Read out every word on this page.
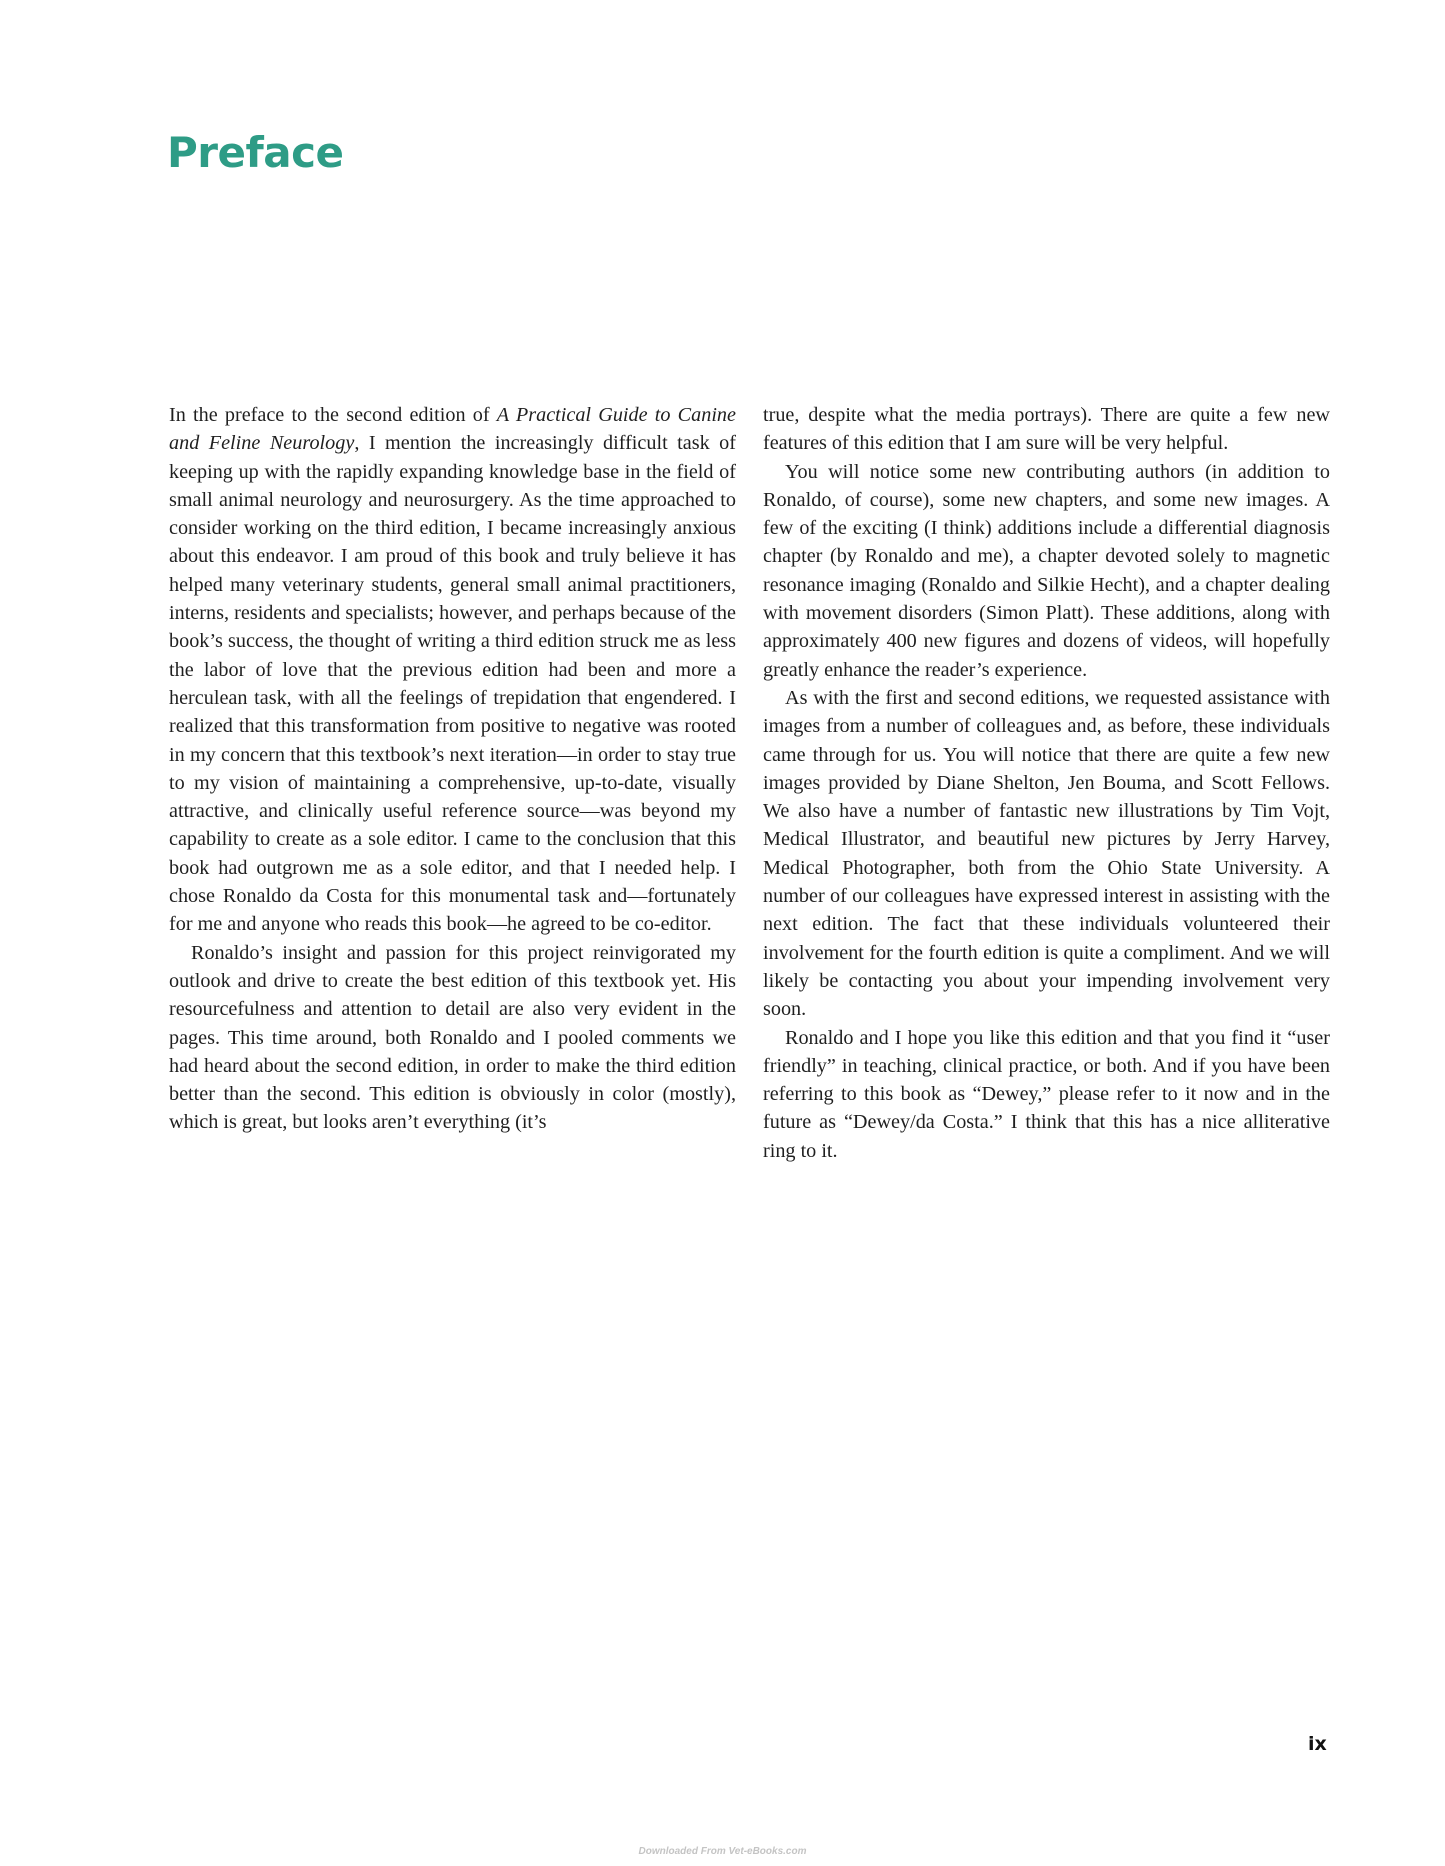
Preface

In the preface to the second edition of A Practical Guide to Canine and Feline Neurology, I mention the increasingly difficult task of keeping up with the rapidly expanding knowledge base in the field of small animal neurology and neurosurgery. As the time approached to consider working on the third edition, I became increasingly anxious about this endeavor. I am proud of this book and truly believe it has helped many veterinary students, general small animal practitioners, interns, residents and specialists; however, and perhaps because of the book’s success, the thought of writing a third edition struck me as less the labor of love that the previous edition had been and more a herculean task, with all the feelings of trepidation that engendered. I realized that this transformation from positive to negative was rooted in my concern that this textbook’s next iteration—in order to stay true to my vision of maintaining a comprehensive, up-to-date, visually attractive, and clinically useful reference source—was beyond my capability to create as a sole editor. I came to the conclusion that this book had outgrown me as a sole editor, and that I needed help. I chose Ronaldo da Costa for this monumental task and—fortunately for me and anyone who reads this book—he agreed to be co-editor.

Ronaldo’s insight and passion for this project reinvigorated my outlook and drive to create the best edition of this textbook yet. His resourcefulness and attention to detail are also very evident in the pages. This time around, both Ronaldo and I pooled comments we had heard about the second edition, in order to make the third edition better than the second. This edition is obviously in color (mostly), which is great, but looks aren’t everything (it’s

true, despite what the media portrays). There are quite a few new features of this edition that I am sure will be very helpful.

You will notice some new contributing authors (in addition to Ronaldo, of course), some new chapters, and some new images. A few of the exciting (I think) additions include a differential diagnosis chapter (by Ronaldo and me), a chapter devoted solely to magnetic resonance imaging (Ronaldo and Silkie Hecht), and a chapter dealing with movement disorders (Simon Platt). These additions, along with approximately 400 new figures and dozens of videos, will hopefully greatly enhance the reader’s experience.

As with the first and second editions, we requested assistance with images from a number of colleagues and, as before, these individuals came through for us. You will notice that there are quite a few new images provided by Diane Shelton, Jen Bouma, and Scott Fellows. We also have a number of fantastic new illustrations by Tim Vojt, Medical Illustrator, and beautiful new pictures by Jerry Harvey, Medical Photographer, both from the Ohio State University. A number of our colleagues have expressed interest in assisting with the next edition. The fact that these individuals volunteered their involvement for the fourth edition is quite a compliment. And we will likely be contacting you about your impending involvement very soon.

Ronaldo and I hope you like this edition and that you find it “user friendly” in teaching, clinical practice, or both. And if you have been referring to this book as “Dewey,” please refer to it now and in the future as “Dewey/da Costa.” I think that this has a nice alliterative ring to it.

ix
Downloaded From Vet-eBooks.com
